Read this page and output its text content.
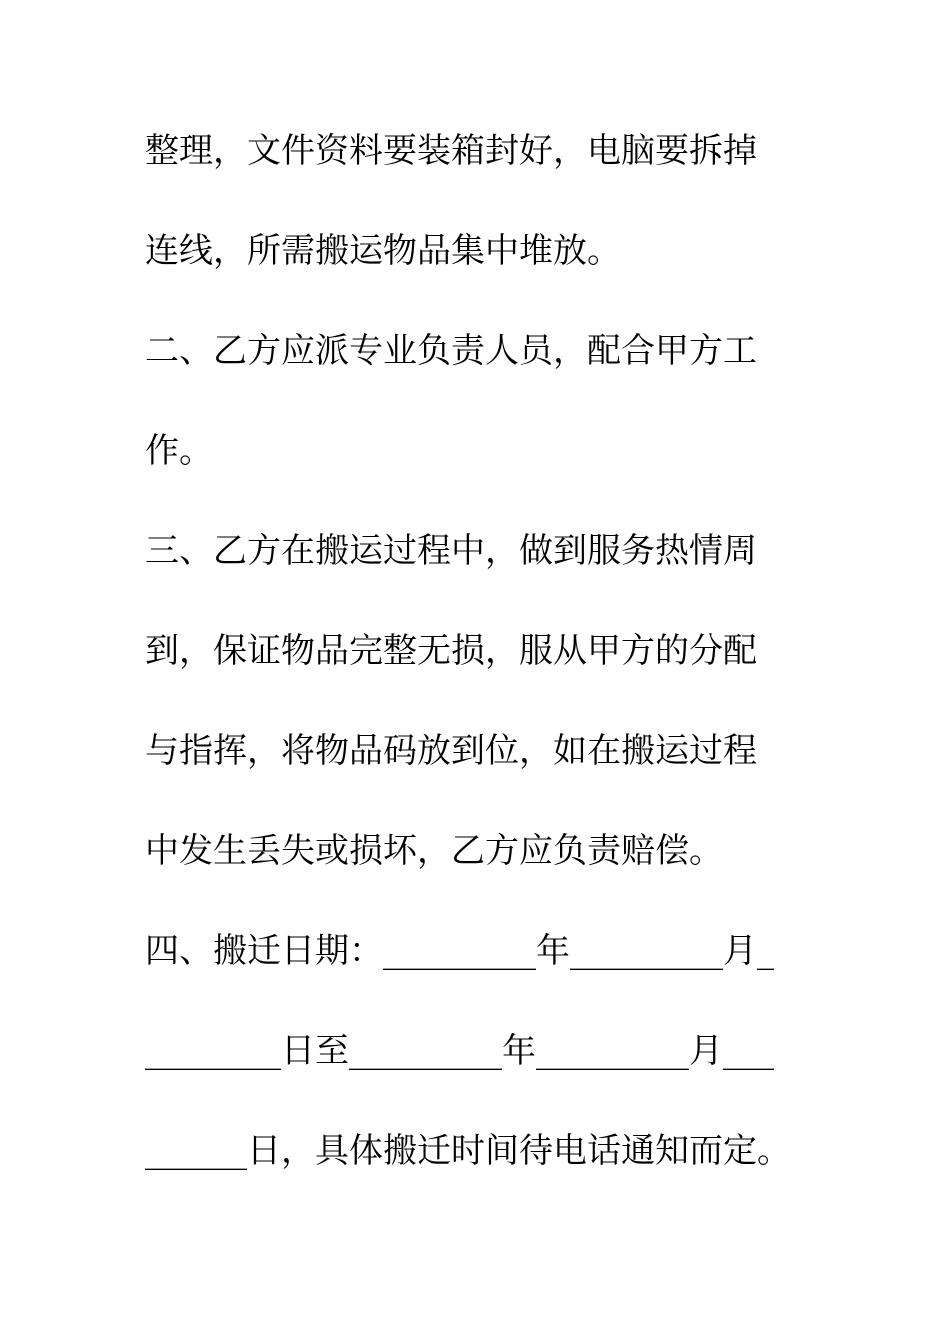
整理，文件资料要装箱封好，电脑要拆掉
连线，所需搬运物品集中堆放。
二、乙方应派专业负责人员，配合甲方工
作。
三、乙方在搬运过程中，做到服务热情周
到，保证物品完整无损，服从甲方的分配
与指挥，将物品码放到位，如在搬运过程
中发生丢失或损坏，乙方应负责赔偿。
四、搬迁日期：_________年_________月_
________日至_________年_________月___
______日，具体搬迁时间待电话通知而定。
